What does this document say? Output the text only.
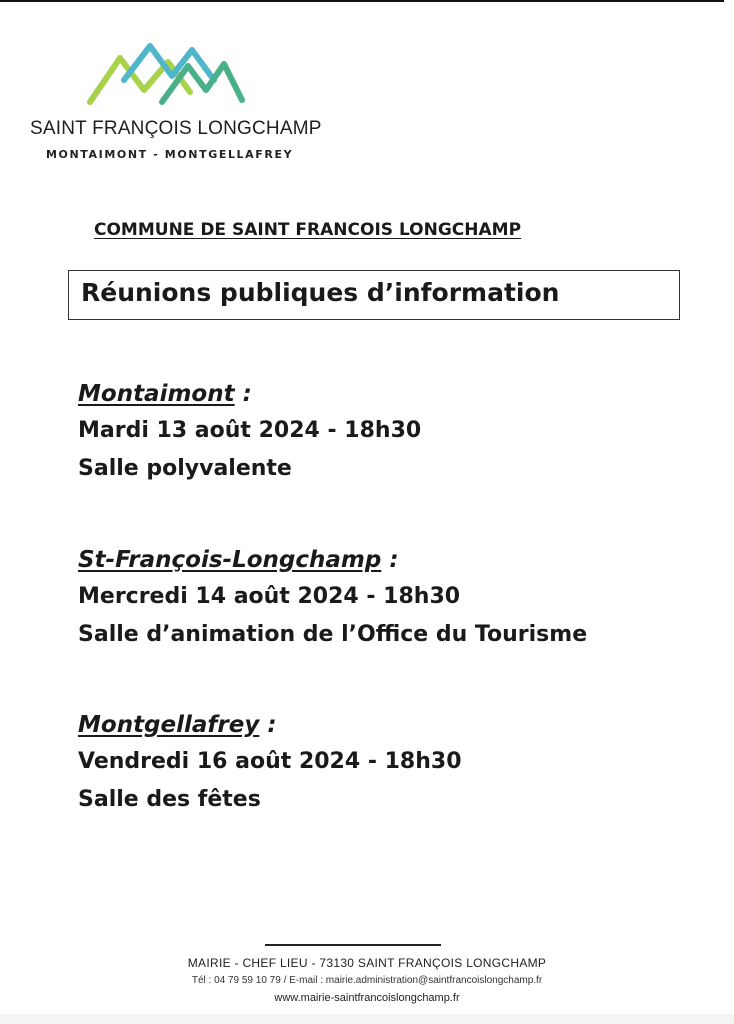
SAINT FRANÇOIS LONGCHAMP
MONTAIMONT - MONTGELLAFREY
COMMUNE DE SAINT FRANCOIS LONGCHAMP
Réunions publiques d’information
Montaimont :
Mardi 13 août 2024 - 18h30
Salle polyvalente
St-François-Longchamp :
Mercredi 14 août 2024 - 18h30
Salle d’animation de l’Office du Tourisme
Montgellafrey :
Vendredi 16 août 2024 - 18h30
Salle des fêtes
MAIRIE - CHEF LIEU - 73130 SAINT FRANÇOIS LONGCHAMP
Tél : 04 79 59 10 79 / E-mail : mairie.administration@saintfrancoislongchamp.fr
www.mairie-saintfrancoislongchamp.fr
